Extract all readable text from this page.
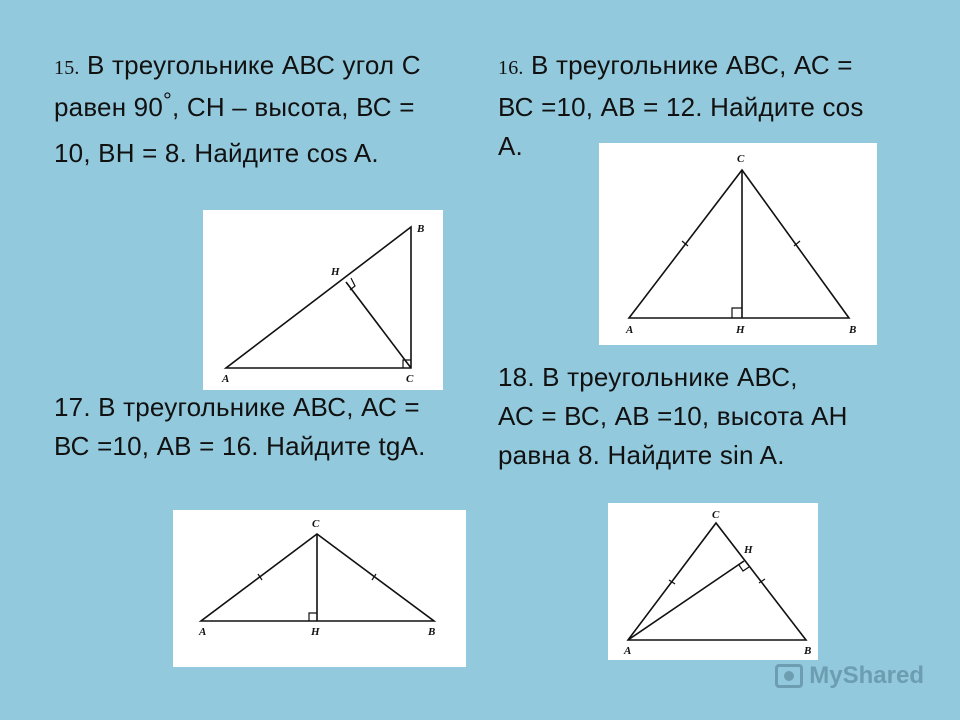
15. В треугольнике АВС угол С
равен 90°, СН – высота, ВС =
10, ВН = 8. Найдите cos A.
16. В треугольнике АВС, АС =
ВС =10, АВ = 12. Найдите cos
А.
17. В треугольнике АВС, АС =
ВС =10, АВ = 16. Найдите tgA.
18. В треугольнике АВС,
АС = ВС, АВ =10, высота АН
равна 8. Найдите sin A.
A	C
B
H
A	H	B
C
A	H	B
C
A	B
C
H
MyShared
